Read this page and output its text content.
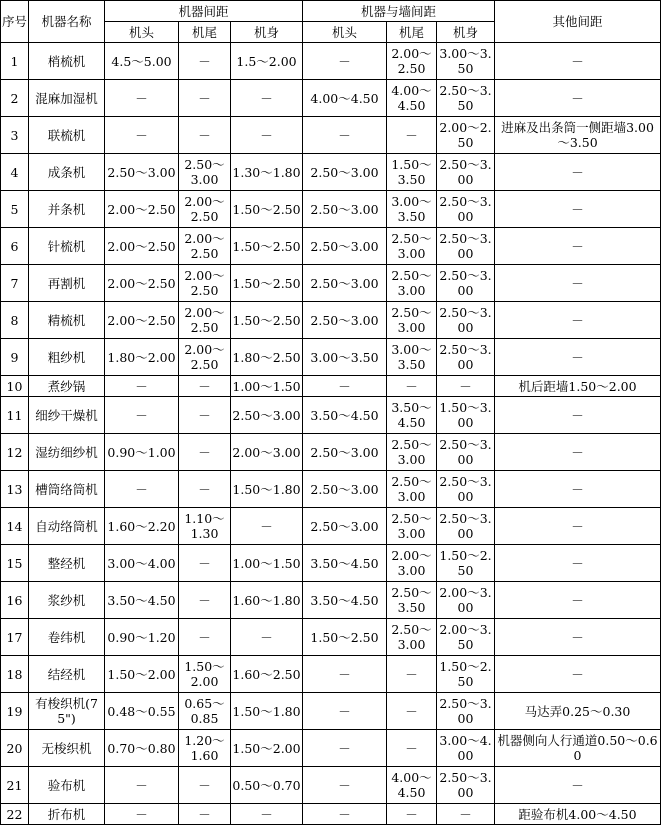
序号	机器名称	机器间距			机器与墙间距			其他间距
		机头	机尾	机身	机头	机尾	机身	
1	梢梳机	4.5～5.00	－	1.5～2.00	－	2.00～2.50	3.00～3.50	－
2	混麻加湿机	－	－	－	4.00～4.50	4.00～4.50	2.50～3.50	－
3	联梳机	－	－	－	－	－	2.00～2.50	进麻及出条筒一侧距墙3.00～3.50
4	成条机	2.50～3.00	2.50～3.00	1.30～1.80	2.50～3.00	1.50～3.50	2.50～3.00	－
5	并条机	2.00～2.50	2.00～2.50	1.50～2.50	2.50～3.00	3.00～3.50	2.50～3.00	－
6	针梳机	2.00～2.50	2.00～2.50	1.50～2.50	2.50～3.00	2.50～3.00	2.50～3.00	－
7	再割机	2.00～2.50	2.00～2.50	1.50～2.50	2.50～3.00	2.50～3.00	2.50～3.00	－
8	精梳机	2.00～2.50	2.00～2.50	1.50～2.50	2.50～3.00	2.50～3.00	2.50～3.00	－
9	粗纱机	1.80～2.00	2.00～2.50	1.80～2.50	3.00～3.50	3.00～3.50	2.50～3.00	－
10	煮纱锅	－	－	1.00～1.50	－	－	－	机后距墙1.50～2.00
11	细纱干燥机	－	－	2.50～3.00	3.50～4.50	3.50～4.50	1.50～3.00	－
12	湿纺细纱机	0.90～1.00	－	2.00～3.00	2.50～3.00	2.50～3.00	2.50～3.00	－
13	槽筒络筒机	－	－	1.50～1.80	2.50～3.00	2.50～3.00	2.50～3.00	－
14	自动络筒机	1.60～2.20	1.10～1.30	－	2.50～3.00	2.50～3.00	2.50～3.00	－
15	整经机	3.00～4.00	－	1.00～1.50	3.50～4.50	2.00～3.00	1.50～2.50	－
16	浆纱机	3.50～4.50	－	1.60～1.80	3.50～4.50	2.50～3.50	2.00～3.00	－
17	卷纬机	0.90～1.20	－	－	1.50～2.50	2.50～3.00	2.00～3.50	－
18	结经机	1.50～2.00	1.50～2.00	1.60～2.50	－	－	1.50～2.50	－
19	有梭织机(75")	0.48～0.55	0.65～0.85	1.50～1.80	－	－	2.50～3.00	马达弄0.25～0.30
20	无梭织机	0.70～0.80	1.20～1.60	1.50～2.00	－	－	3.00～4.00	机器侧向人行通道0.50～0.60
21	验布机	－	－	0.50～0.70	－	4.00～4.50	2.50～3.00	－
22	折布机	－	－	－	－	－	－	距验布机4.00～4.50
